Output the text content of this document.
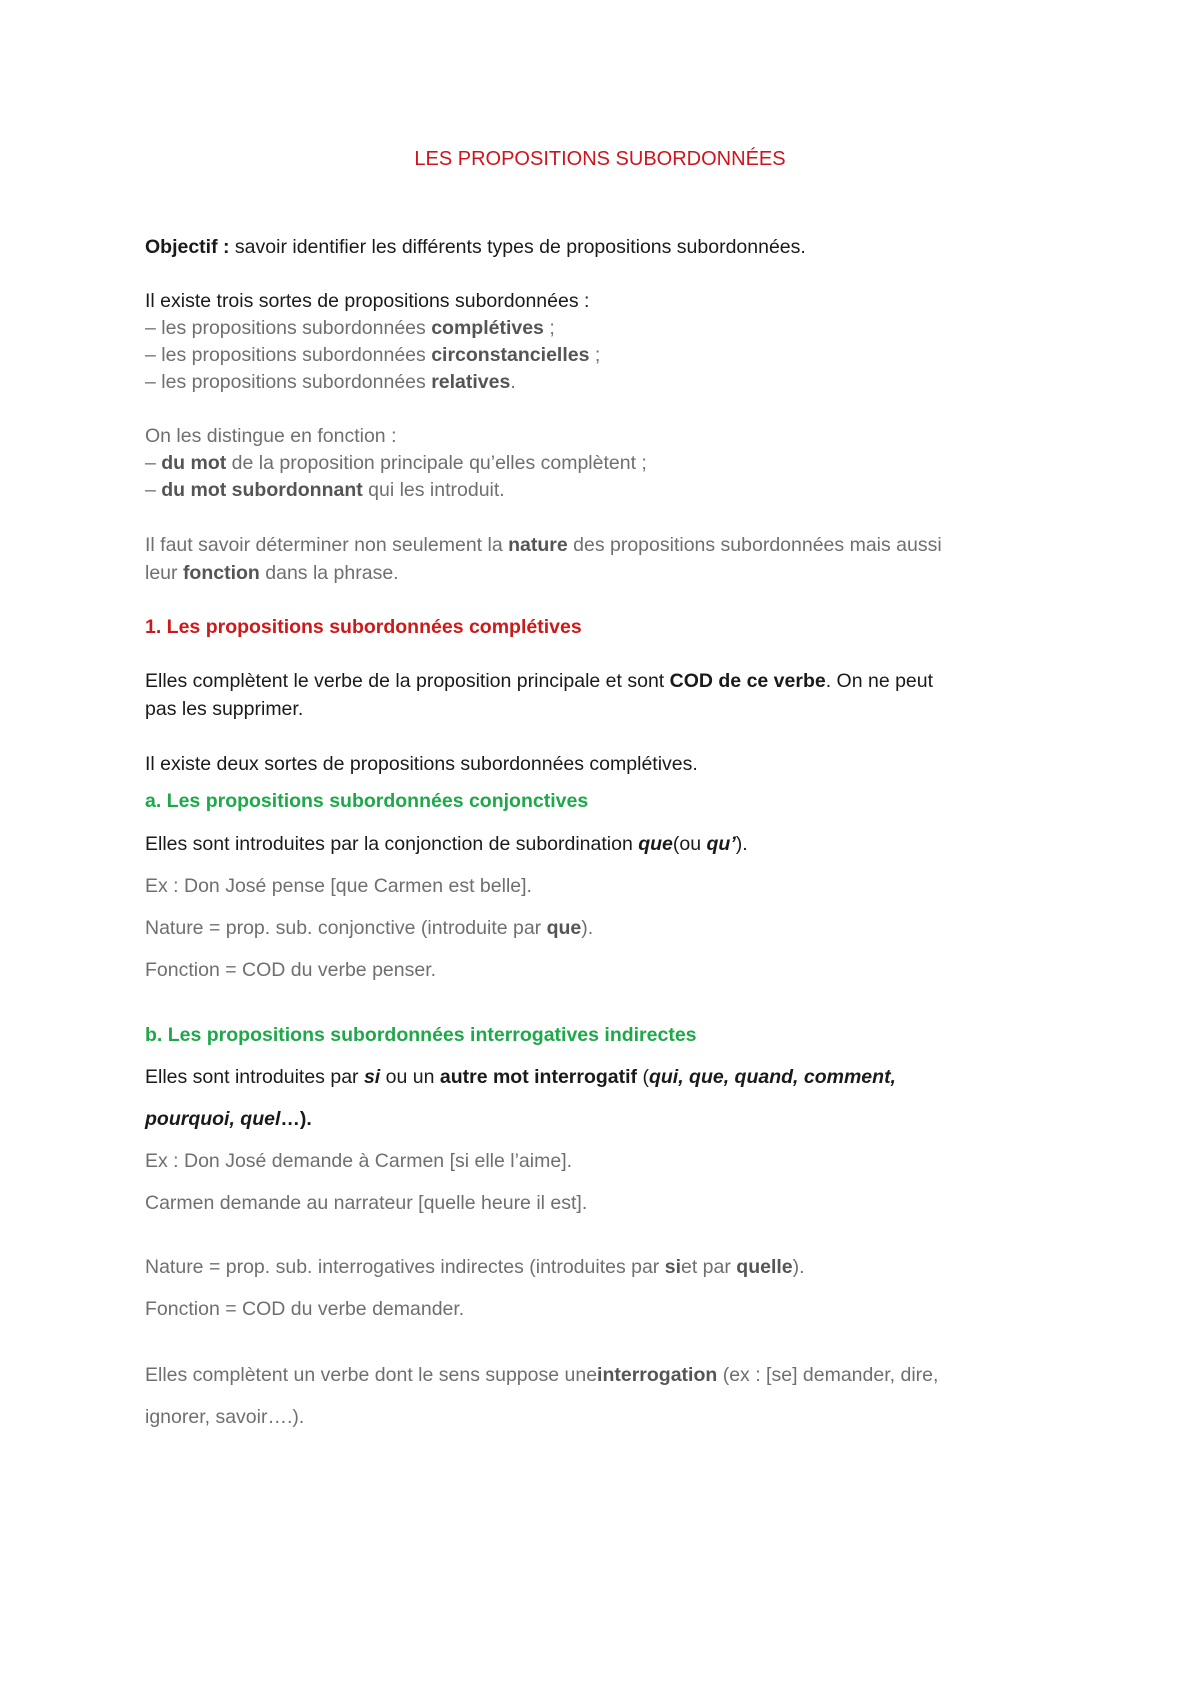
LES PROPOSITIONS SUBORDONNÉES
Objectif : savoir identifier les différents types de propositions subordonnées.
Il existe trois sortes de propositions subordonnées :
– les propositions subordonnées complétives ;
– les propositions subordonnées circonstancielles ;
– les propositions subordonnées relatives.
On les distingue en fonction :
– du mot de la proposition principale qu’elles complètent ;
– du mot subordonnant qui les introduit.
Il faut savoir déterminer non seulement la nature des propositions subordonnées mais aussi
leur fonction dans la phrase.
1. Les propositions subordonnées complétives
Elles complètent le verbe de la proposition principale et sont COD de ce verbe. On ne peut
pas les supprimer.
Il existe deux sortes de propositions subordonnées complétives.
a. Les propositions subordonnées conjonctives
Elles sont introduites par la conjonction de subordination que(ou qu’).
Ex : Don José pense [que Carmen est belle].
Nature = prop. sub. conjonctive (introduite par que).
Fonction = COD du verbe penser.
b. Les propositions subordonnées interrogatives indirectes
Elles sont introduites par si ou un autre mot interrogatif (qui, que, quand, comment,
pourquoi, quel…).
Ex : Don José demande à Carmen [si elle l’aime].
Carmen demande au narrateur [quelle heure il est].
Nature = prop. sub. interrogatives indirectes (introduites par siet par quelle).
Fonction = COD du verbe demander.
Elles complètent un verbe dont le sens suppose uneinterrogation (ex : [se] demander, dire,
ignorer, savoir….).
